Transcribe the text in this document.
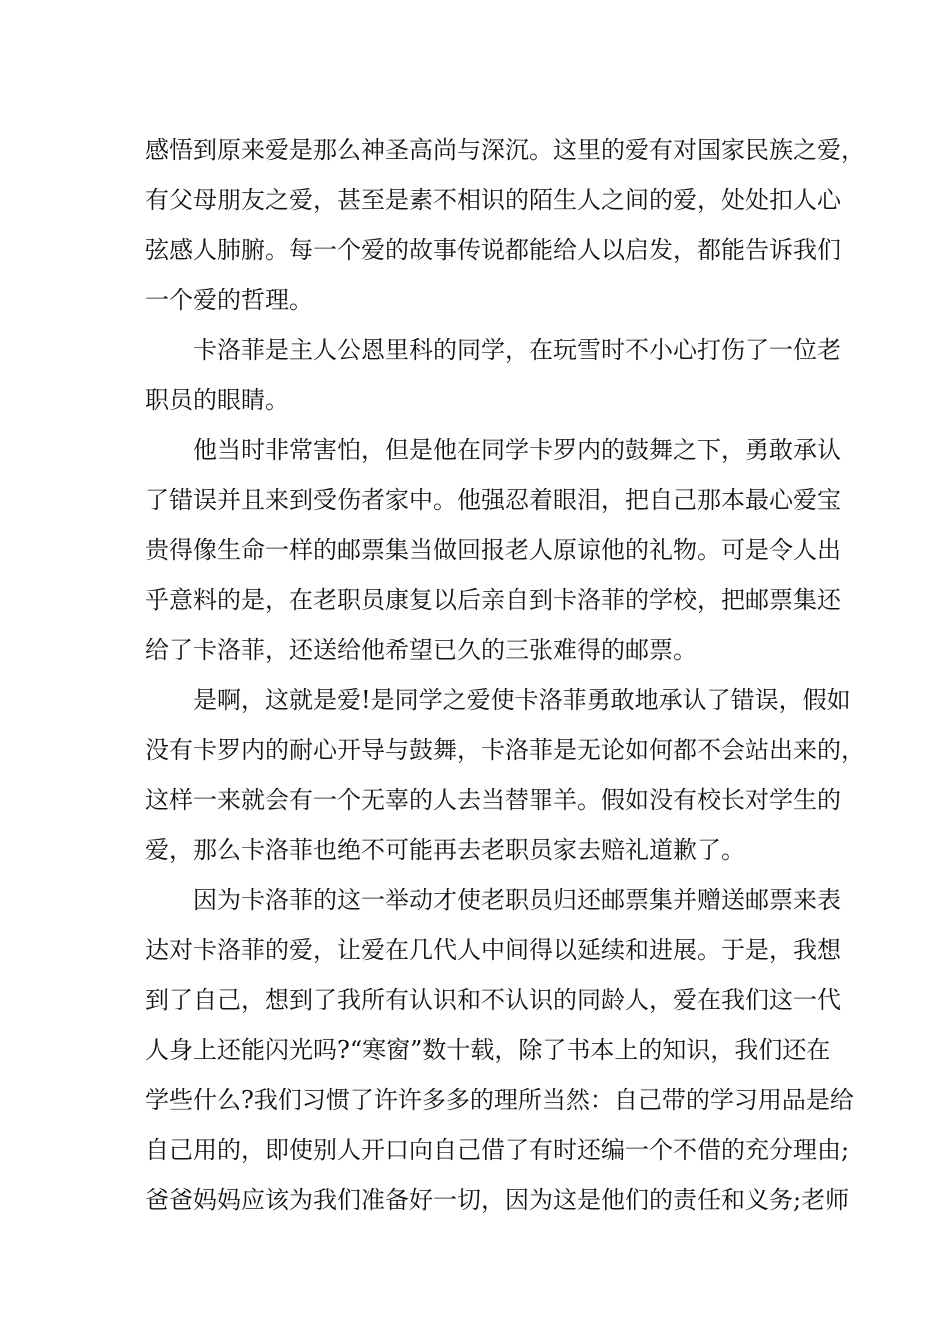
感悟到原来爱是那么神圣高尚与深沉。这里的爱有对国家民族之爱，
有父母朋友之爱，甚至是素不相识的陌生人之间的爱，处处扣人心
弦感人肺腑。每一个爱的故事传说都能给人以启发，都能告诉我们
一个爱的哲理。
　　卡洛菲是主人公恩里科的同学，在玩雪时不小心打伤了一位老
职员的眼睛。
　　他当时非常害怕，但是他在同学卡罗内的鼓舞之下，勇敢承认
了错误并且来到受伤者家中。他强忍着眼泪，把自己那本最心爱宝
贵得像生命一样的邮票集当做回报老人原谅他的礼物。可是令人出
乎意料的是，在老职员康复以后亲自到卡洛菲的学校，把邮票集还
给了卡洛菲，还送给他希望已久的三张难得的邮票。
　　是啊，这就是爱!是同学之爱使卡洛菲勇敢地承认了错误，假如
没有卡罗内的耐心开导与鼓舞，卡洛菲是无论如何都不会站出来的，
这样一来就会有一个无辜的人去当替罪羊。假如没有校长对学生的
爱，那么卡洛菲也绝不可能再去老职员家去赔礼道歉了。
　　因为卡洛菲的这一举动才使老职员归还邮票集并赠送邮票来表
达对卡洛菲的爱，让爱在几代人中间得以延续和进展。于是，我想
到了自己，想到了我所有认识和不认识的同龄人，爱在我们这一代
人身上还能闪光吗?“寒窗”数十载，除了书本上的知识，我们还在
学些什么?我们习惯了许许多多的理所当然：自己带的学习用品是给
自己用的，即使别人开口向自己借了有时还编一个不借的充分理由;
爸爸妈妈应该为我们准备好一切，因为这是他们的责任和义务;老师
